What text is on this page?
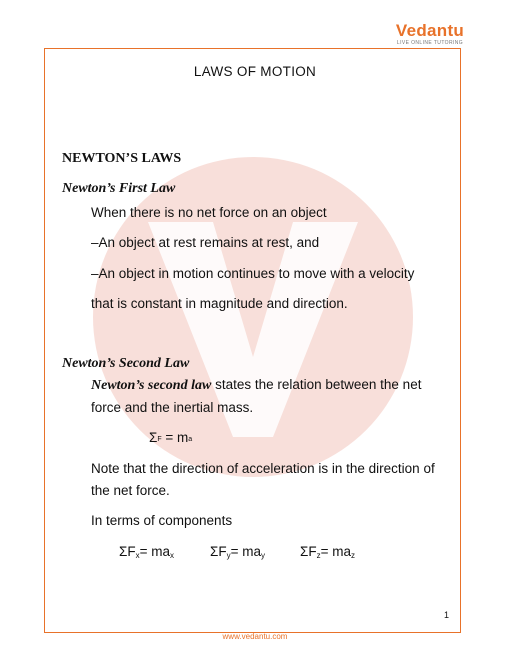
Vedantu
LIVE ONLINE TUTORING
LAWS OF MOTION
NEWTON’S LAWS
Newton’s First Law
When there is no net force on an object
–An object at rest remains at rest, and
–An object in motion continues to move with a velocity
that is constant in magnitude and direction.
Newton’s Second Law
Newton’s second law states the relation between the net
force and the inertial mass.
ΣF = ma
Note that the direction of acceleration is in the direction of
the net force.
In terms of components
$\Sigma F_x= ma_x$	$\Sigma F_y= ma_y$	$\Sigma F_z= ma_z$
1
www.vedantu.com
